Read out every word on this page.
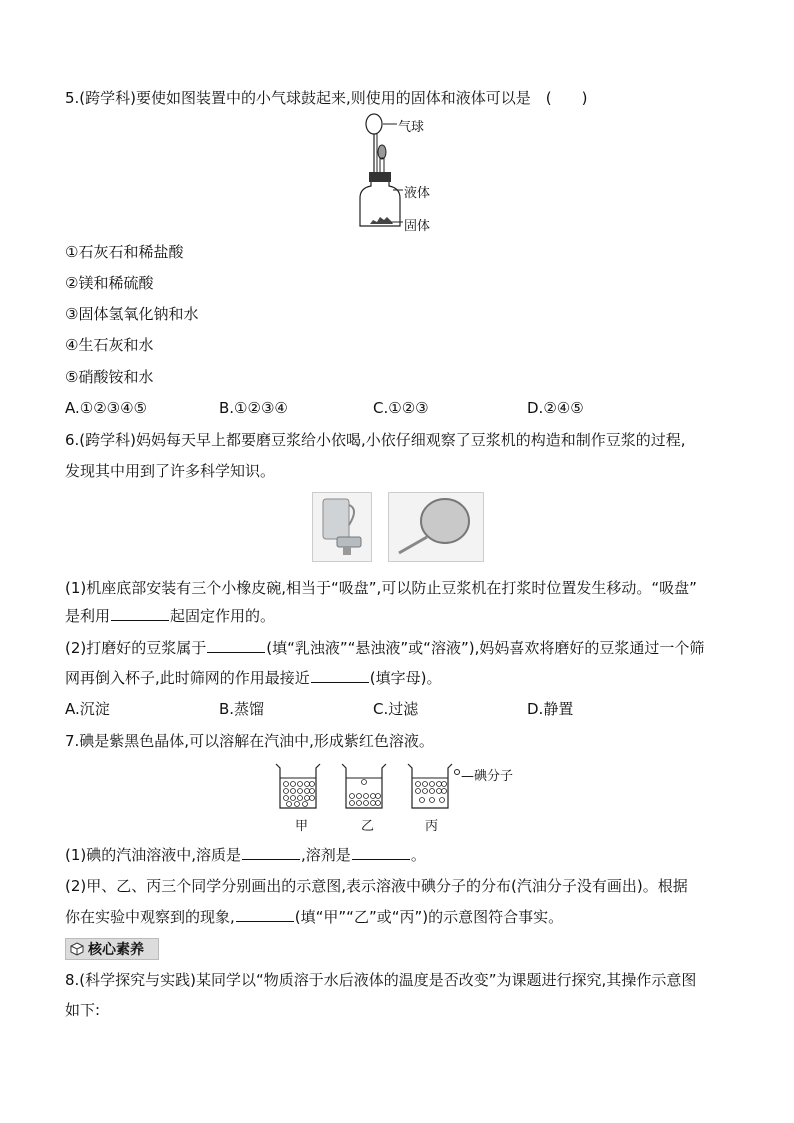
5.(跨学科)要使如图装置中的小气球鼓起来,则使用的固体和液体可以是　(　　)
气球
液体
固体
①石灰石和稀盐酸
②镁和稀硫酸
③固体氢氧化钠和水
④生石灰和水
⑤硝酸铵和水
A.①②③④⑤	B.①②③④	C.①②③	D.②④⑤
6.(跨学科)妈妈每天早上都要磨豆浆给小依喝,小依仔细观察了豆浆机的构造和制作豆浆的过程,
发现其中用到了许多科学知识。
(1)机座底部安装有三个小橡皮碗,相当于“吸盘”,可以防止豆浆机在打浆时位置发生移动。“吸盘”
是利用	起固定作用的。
(2)打磨好的豆浆属于	(填“乳浊液”“悬浊液”或“溶液”),妈妈喜欢将磨好的豆浆通过一个筛
网再倒入杯子,此时筛网的作用最接近	(填字母)。
A.沉淀	B.蒸馏	C.过滤	D.静置
7.碘是紫黑色晶体,可以溶解在汽油中,形成紫红色溶液。
—碘分子
甲	乙	丙
(1)碘的汽油溶液中,溶质是	,溶剂是	。
(2)甲、乙、丙三个同学分别画出的示意图,表示溶液中碘分子的分布(汽油分子没有画出)。根据
你在实验中观察到的现象,	(填“甲”“乙”或“丙”)的示意图符合事实。
核心素养
8.(科学探究与实践)某同学以“物质溶于水后液体的温度是否改变”为课题进行探究,其操作示意图
如下:
